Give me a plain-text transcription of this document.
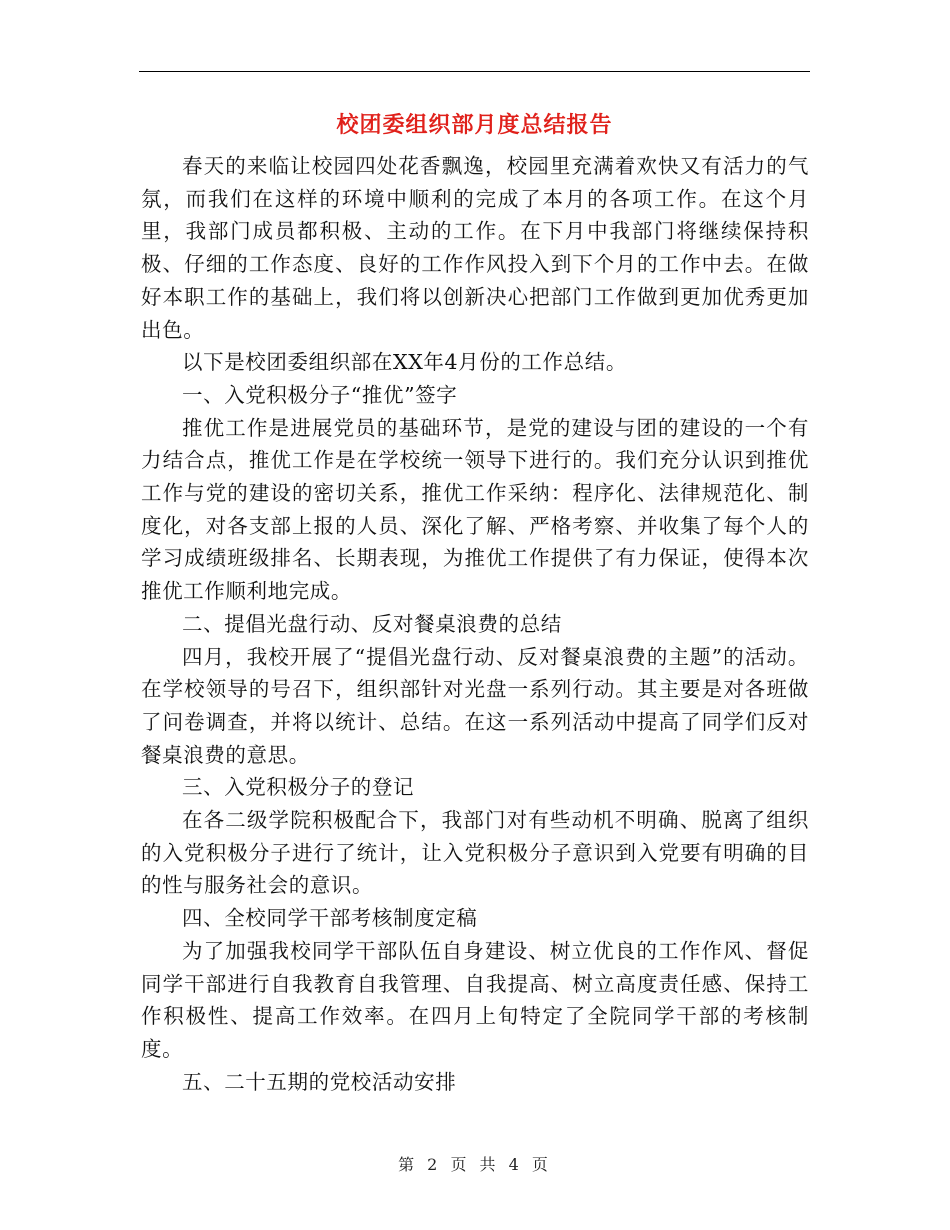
校团委组织部月度总结报告

春天的来临让校园四处花香飘逸，校园里充满着欢快又有活力的气氛，而我们在这样的环境中顺利的完成了本月的各项工作。在这个月里，我部门成员都积极、主动的工作。在下月中我部门将继续保持积极、仔细的工作态度、良好的工作作风投入到下个月的工作中去。在做好本职工作的基础上，我们将以创新决心把部门工作做到更加优秀更加出色。

以下是校团委组织部在XX年4月份的工作总结。

一、入党积极分子“推优”签字

推优工作是进展党员的基础环节，是党的建设与团的建设的一个有力结合点，推优工作是在学校统一领导下进行的。我们充分认识到推优工作与党的建设的密切关系，推优工作采纳：程序化、法律规范化、制度化，对各支部上报的人员、深化了解、严格考察、并收集了每个人的学习成绩班级排名、长期表现，为推优工作提供了有力保证，使得本次推优工作顺利地完成。

二、提倡光盘行动、反对餐桌浪费的总结

四月，我校开展了“提倡光盘行动、反对餐桌浪费的主题”的活动。在学校领导的号召下，组织部针对光盘一系列行动。其主要是对各班做了问卷调查，并将以统计、总结。在这一系列活动中提高了同学们反对餐桌浪费的意思。

三、入党积极分子的登记

在各二级学院积极配合下，我部门对有些动机不明确、脱离了组织的入党积极分子进行了统计，让入党积极分子意识到入党要有明确的目的性与服务社会的意识。

四、全校同学干部考核制度定稿

为了加强我校同学干部队伍自身建设、树立优良的工作作风、督促同学干部进行自我教育自我管理、自我提高、树立高度责任感、保持工作积极性、提高工作效率。在四月上旬特定了全院同学干部的考核制度。

五、二十五期的党校活动安排

第 2 页 共 4 页
